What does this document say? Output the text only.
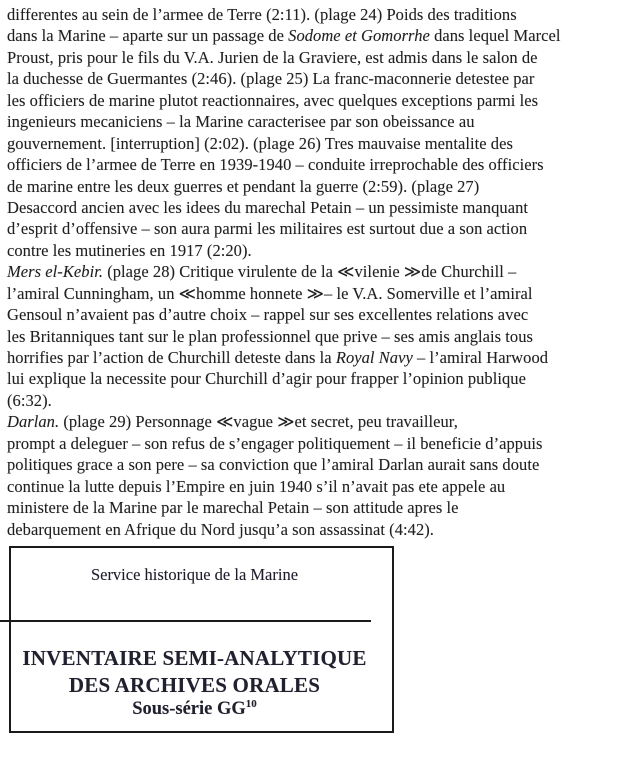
differentes au sein de l’armee de Terre (2:11). (plage 24) Poids des traditions
dans la Marine – aparte sur un passage de Sodome et Gomorrhe dans lequel Marcel
Proust, pris pour le fils du V.A. Jurien de la Graviere, est admis dans le salon de
la duchesse de Guermantes (2:46). (plage 25) La franc-maconnerie detestee par
les officiers de marine plutot reactionnaires, avec quelques exceptions parmi les
ingenieurs mecaniciens – la Marine caracterisee par son obeissance au
gouvernement. [interruption] (2:02). (plage 26) Tres mauvaise mentalite des
officiers de l’armee de Terre en 1939-1940 – conduite irreprochable des officiers
de marine entre les deux guerres et pendant la guerre (2:59). (plage 27)
Desaccord ancien avec les idees du marechal Petain – un pessimiste manquant
d’esprit d’offensive – son aura parmi les militaires est surtout due a son action
contre les mutineries en 1917 (2:20).
Mers el-Kebir. (plage 28) Critique virulente de la ≪vilenie ≫de Churchill –
l’amiral Cunningham, un ≪homme honnete ≫– le V.A. Somerville et l’amiral
Gensoul n’avaient pas d’autre choix – rappel sur ses excellentes relations avec
les Britanniques tant sur le plan professionnel que prive – ses amis anglais tous
horrifies par l’action de Churchill deteste dans la Royal Navy – l’amiral Harwood
lui explique la necessite pour Churchill d’agir pour frapper l’opinion publique
(6:32).
Darlan. (plage 29) Personnage ≪vague ≫et secret, peu travailleur,
prompt a deleguer – son refus de s’engager politiquement – il beneficie d’appuis
politiques grace a son pere – sa conviction que l’amiral Darlan aurait sans doute
continue la lutte depuis l’Empire en juin 1940 s’il n’avait pas ete appele au
ministere de la Marine par le marechal Petain – son attitude apres le
debarquement en Afrique du Nord jusqu’a son assassinat (4:42).
Service historique de la Marine
INVENTAIRE SEMI-ANALYTIQUE
DES ARCHIVES ORALES
Sous-série GG$^{10}$
